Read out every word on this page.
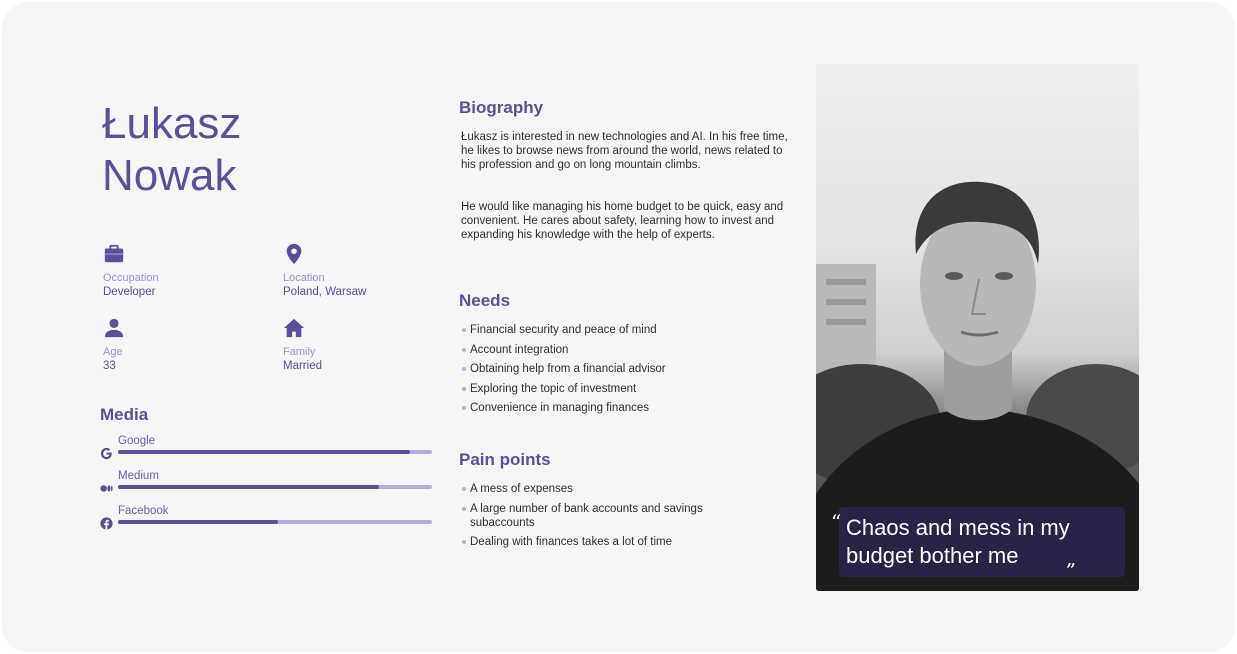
Łukasz
Nowak
Occupation
Developer
Location
Poland, Warsaw
Age
33
Family
Married
Media
Google
Medium
Facebook
Biography

Łukasz is interested in new technologies and AI. In his free time, he likes to browse news from around the world, news related to his profession and go on long mountain climbs.

He would like managing his home budget to be quick, easy and convenient. He cares about safety, learning how to invest and expanding his knowledge with the help of experts.

Needs
Financial security and peace of mind
Account integration
Obtaining help from a financial advisor
Exploring the topic of investment
Convenience in managing finances
Pain points
A mess of expenses
A large number of bank accounts and savings subaccounts
Dealing with finances takes a lot of time
“ Chaos and mess in my budget bother me	„
